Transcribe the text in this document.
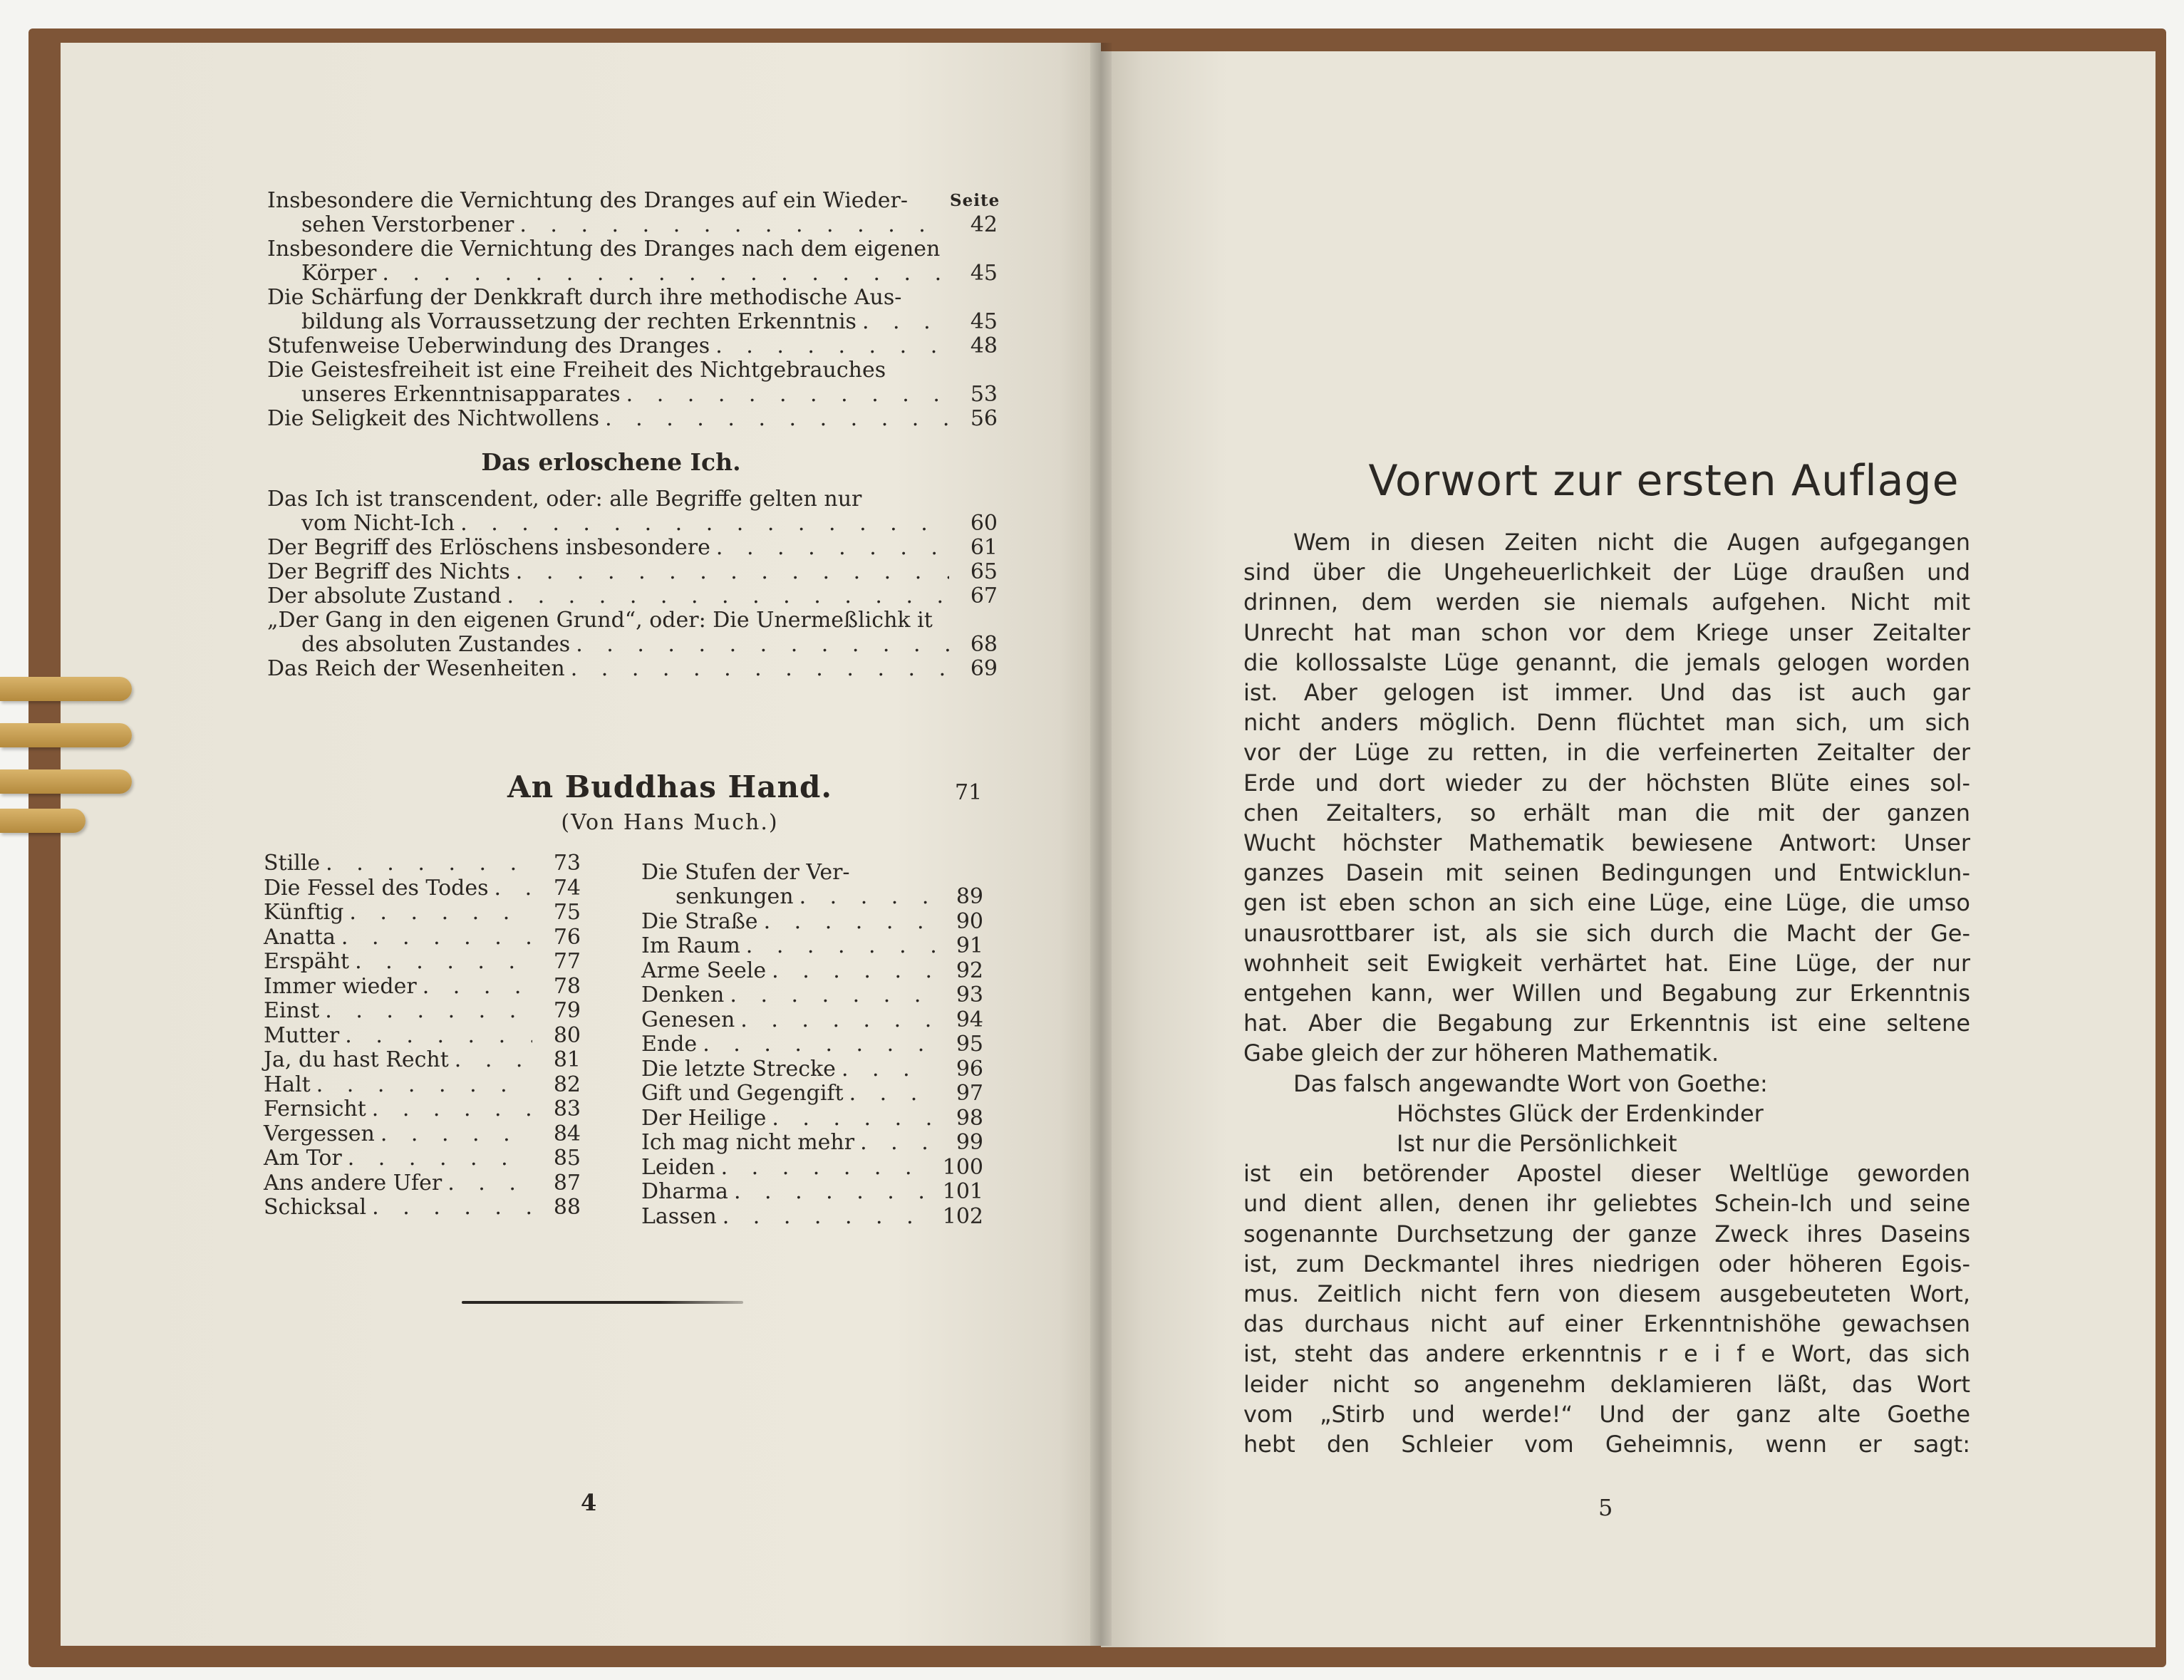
Seite
Insbesondere die Vernichtung des Dranges auf ein Wieder-
sehen Verstorbener . . .	42
Insbesondere die Vernichtung des Dranges nach dem eigenen
Körper . . .	45
Die Schärfung der Denkkraft durch ihre methodische Aus-
bildung als Vorraussetzung der rechten Erkenntnis . . .	45
Stufenweise Ueberwindung des Dranges . . .	48
Die Geistesfreiheit ist eine Freiheit des Nichtgebrauches
unseres Erkenntnisapparates . . .	53
Die Seligkeit des Nichtwollens . . .	56
Das erloschene Ich.
Das Ich ist transcendent, oder: alle Begriffe gelten nur
vom Nicht-Ich . . .	60
Der Begriff des Erlöschens insbesondere . . .	61
Der Begriff des Nichts . . .	65
Der absolute Zustand . . .	67
„Der Gang in den eigenen Grund“, oder: Die Unermeßlichk it
des absoluten Zustandes . . .	68
Das Reich der Wesenheiten . . .	69
An Buddhas Hand.
(Von Hans Much.)
71
Stille . . .	73
Die Fessel des Todes . . .	74
Künftig . . .	75
Anatta . . .	76
Erspäht . . .	77
Immer wieder . . .	78
Einst . . .	79
Mutter . . .	80
Ja, du hast Recht . . .	81
Halt . . .	82
Fernsicht . . .	83
Vergessen . . .	84
Am Tor . . .	85
Ans andere Ufer . . .	87
Schicksal . . .	88
Die Stufen der Ver-
senkungen . . .	89
Die Straße . . .	90
Im Raum . . .	91
Arme Seele . . .	92
Denken . . .	93
Genesen . . .	94
Ende . . .	95
Die letzte Strecke . . .	96
Gift und Gegengift . . .	97
Der Heilige . . .	98
Ich mag nicht mehr . . .	99
Leiden . . .	100
Dharma . . .	101
Lassen . . .	102
4
Vorwort zur ersten Auflage
Wem in diesen Zeiten nicht die Augen aufgegangen
sind über die Ungeheuerlichkeit der Lüge draußen und
drinnen, dem werden sie niemals aufgehen. Nicht mit
Unrecht hat man schon vor dem Kriege unser Zeitalter
die kollossalste Lüge genannt, die jemals gelogen worden
ist. Aber gelogen ist immer. Und das ist auch gar
nicht anders möglich. Denn flüchtet man sich, um sich
vor der Lüge zu retten, in die verfeinerten Zeitalter der
Erde und dort wieder zu der höchsten Blüte eines sol-
chen Zeitalters, so erhält man die mit der ganzen
Wucht höchster Mathematik bewiesene Antwort: Unser
ganzes Dasein mit seinen Bedingungen und Entwicklun-
gen ist eben schon an sich eine Lüge, eine Lüge, die umso
unausrottbarer ist, als sie sich durch die Macht der Ge-
wohnheit seit Ewigkeit verhärtet hat. Eine Lüge, der nur
entgehen kann, wer Willen und Begabung zur Erkenntnis
hat. Aber die Begabung zur Erkenntnis ist eine seltene
Gabe gleich der zur höheren Mathematik.
Das falsch angewandte Wort von Goethe:
Höchstes Glück der Erdenkinder
Ist nur die Persönlichkeit
ist ein betörender Apostel dieser Weltlüge geworden
und dient allen, denen ihr geliebtes Schein-Ich und seine
sogenannte Durchsetzung der ganze Zweck ihres Daseins
ist, zum Deckmantel ihres niedrigen oder höheren Egois-
mus. Zeitlich nicht fern von diesem ausgebeuteten Wort,
das durchaus nicht auf einer Erkenntnishöhe gewachsen
ist, steht das andere erkenntnis r e i f e Wort, das sich
leider nicht so angenehm deklamieren läßt, das Wort
vom „Stirb und werde!“ Und der ganz alte Goethe
hebt den Schleier vom Geheimnis, wenn er sagt:
5
